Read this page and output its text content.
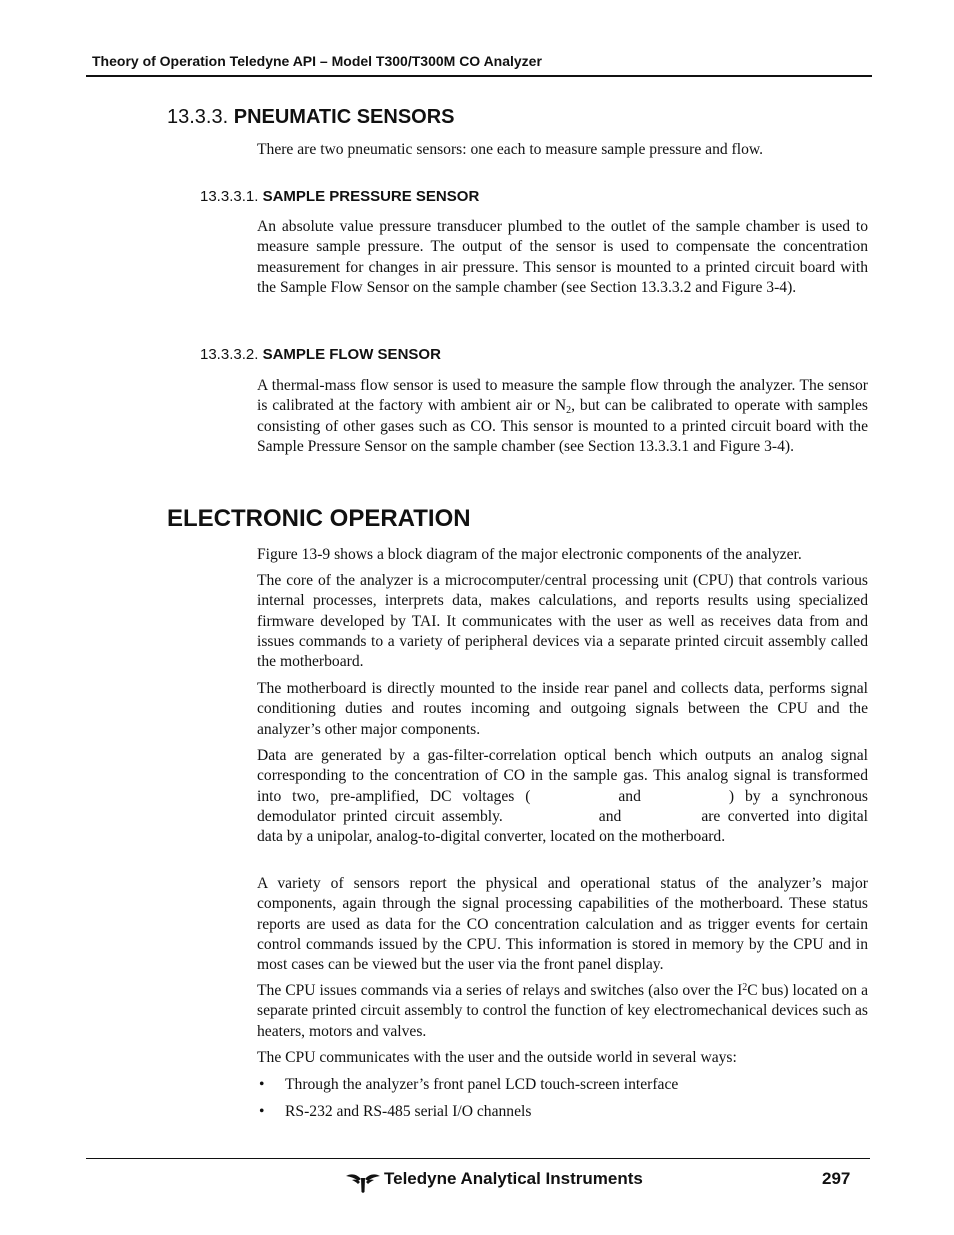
Theory of Operation Teledyne API – Model T300/T300M CO Analyzer
13.3.3. PNEUMATIC SENSORS
There are two pneumatic sensors: one each to measure sample pressure and flow.
13.3.3.1. SAMPLE PRESSURE SENSOR
An absolute value pressure transducer plumbed to the outlet of the sample chamber is used to measure sample pressure. The output of the sensor is used to compensate the concentration measurement for changes in air pressure. This sensor is mounted to a printed circuit board with the Sample Flow Sensor on the sample chamber (see Section 13.3.3.2 and Figure 3-4).
13.3.3.2. SAMPLE FLOW SENSOR
A thermal-mass flow sensor is used to measure the sample flow through the analyzer. The sensor is calibrated at the factory with ambient air or $N_2$, but can be calibrated to operate with samples consisting of other gases such as CO. This sensor is mounted to a printed circuit board with the Sample Pressure Sensor on the sample chamber (see Section 13.3.3.1 and Figure 3-4).
ELECTRONIC OPERATION
Figure 13-9 shows a block diagram of the major electronic components of the analyzer.
The core of the analyzer is a microcomputer/central processing unit (CPU) that controls various internal processes, interprets data, makes calculations, and reports results using specialized firmware developed by TAI. It communicates with the user as well as receives data from and issues commands to a variety of peripheral devices via a separate printed circuit assembly called the motherboard.
The motherboard is directly mounted to the inside rear panel and collects data, performs signal conditioning duties and routes incoming and outgoing signals between the CPU and the analyzer’s other major components.
Data are generated by a gas-filter-correlation optical bench which outputs an analog signal corresponding to the concentration of CO in the sample gas. This analog signal is transformed into two, pre-amplified, DC voltages (	and	) by a synchronous demodulator printed circuit assembly.	and	are converted into digital data by a unipolar, analog-to-digital converter, located on the motherboard.
A variety of sensors report the physical and operational status of the analyzer’s major components, again through the signal processing capabilities of the motherboard. These status reports are used as data for the CO concentration calculation and as trigger events for certain control commands issued by the CPU. This information is stored in memory by the CPU and in most cases can be viewed but the user via the front panel display.
The CPU issues commands via a series of relays and switches (also over the $I^2C$ bus) located on a separate printed circuit assembly to control the function of key electromechanical devices such as heaters, motors and valves.
The CPU communicates with the user and the outside world in several ways:
• Through the analyzer’s front panel LCD touch-screen interface
• RS-232 and RS-485 serial I/O channels
Teledyne Analytical Instruments	297
